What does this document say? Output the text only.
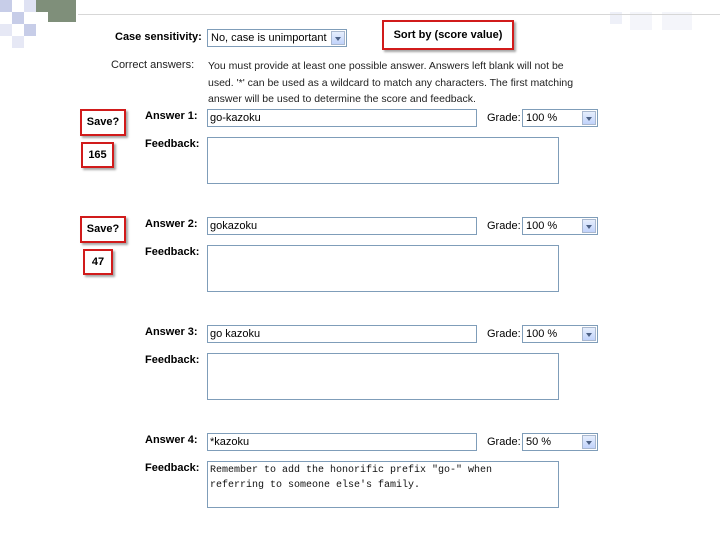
Case sensitivity: No, case is unimportant	Sort by (score value)
Correct answers: You must provide at least one possible answer. Answers left blank will not be used. '*' can be used as a wildcard to match any characters. The first matching answer will be used to determine the score and feedback.
Save?
165
Answer 1: go-kazoku	Grade: 100 %
Feedback:
Save?
47
Answer 2: gokazoku	Grade: 100 %
Feedback:
Answer 3: go kazoku	Grade: 100 %
Feedback:
Answer 4: *kazoku	Grade: 50 %
Feedback:	Remember to add the honorific prefix "go-" when
referring to someone else's family.
